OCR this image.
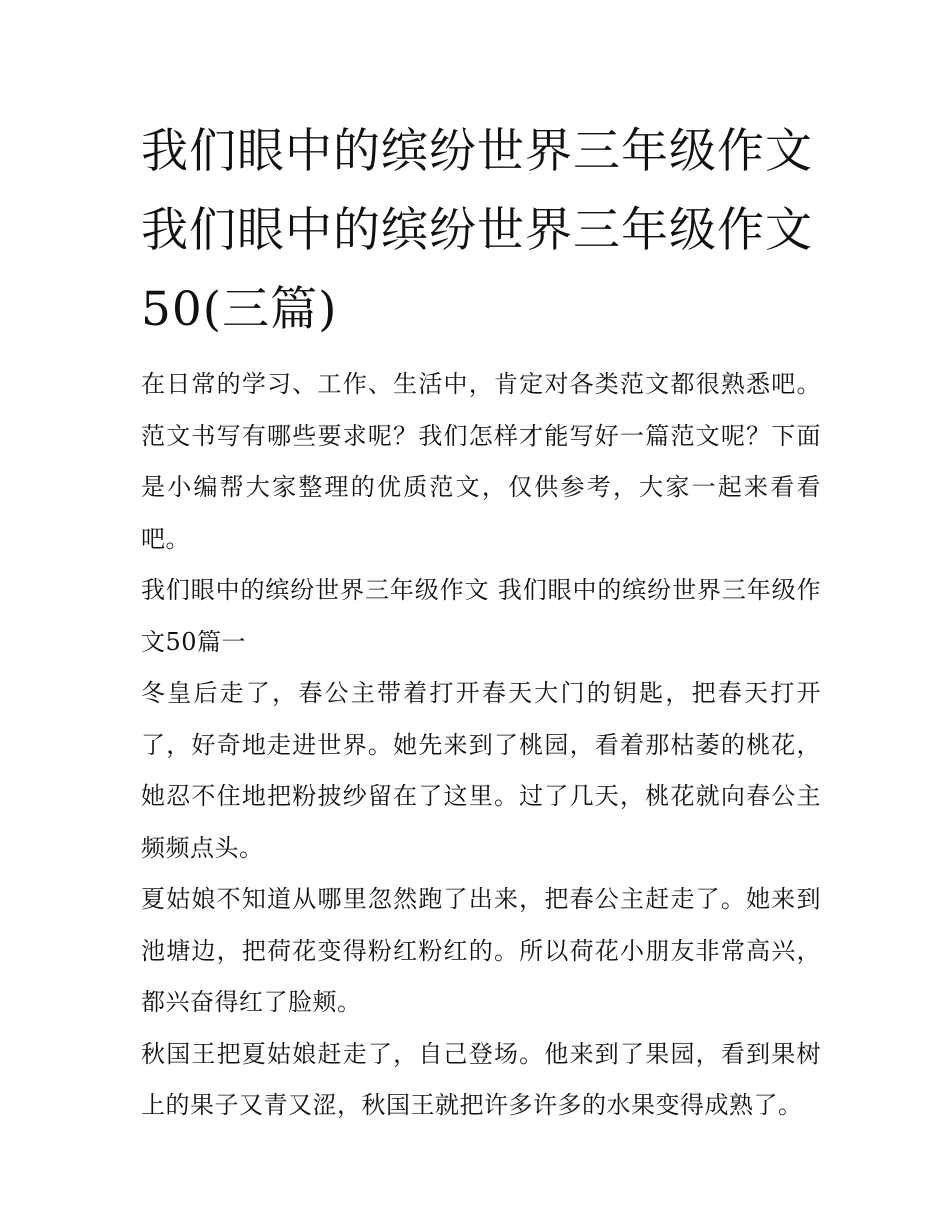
我们眼中的缤纷世界三年级作文 我们眼中的缤纷世界三年级作文50(三篇)

在日常的学习、工作、生活中，肯定对各类范文都很熟悉吧。范文书写有哪些要求呢？我们怎样才能写好一篇范文呢？下面是小编帮大家整理的优质范文，仅供参考，大家一起来看看吧。

我们眼中的缤纷世界三年级作文 我们眼中的缤纷世界三年级作文50篇一

冬皇后走了，春公主带着打开春天大门的钥匙，把春天打开了，好奇地走进世界。她先来到了桃园，看着那枯萎的桃花，她忍不住地把粉披纱留在了这里。过了几天，桃花就向春公主频频点头。

夏姑娘不知道从哪里忽然跑了出来，把春公主赶走了。她来到池塘边，把荷花变得粉红粉红的。所以荷花小朋友非常高兴，都兴奋得红了脸颊。

秋国王把夏姑娘赶走了，自己登场。他来到了果园，看到果树上的果子又青又涩，秋国王就把许多许多的水果变得成熟了。
